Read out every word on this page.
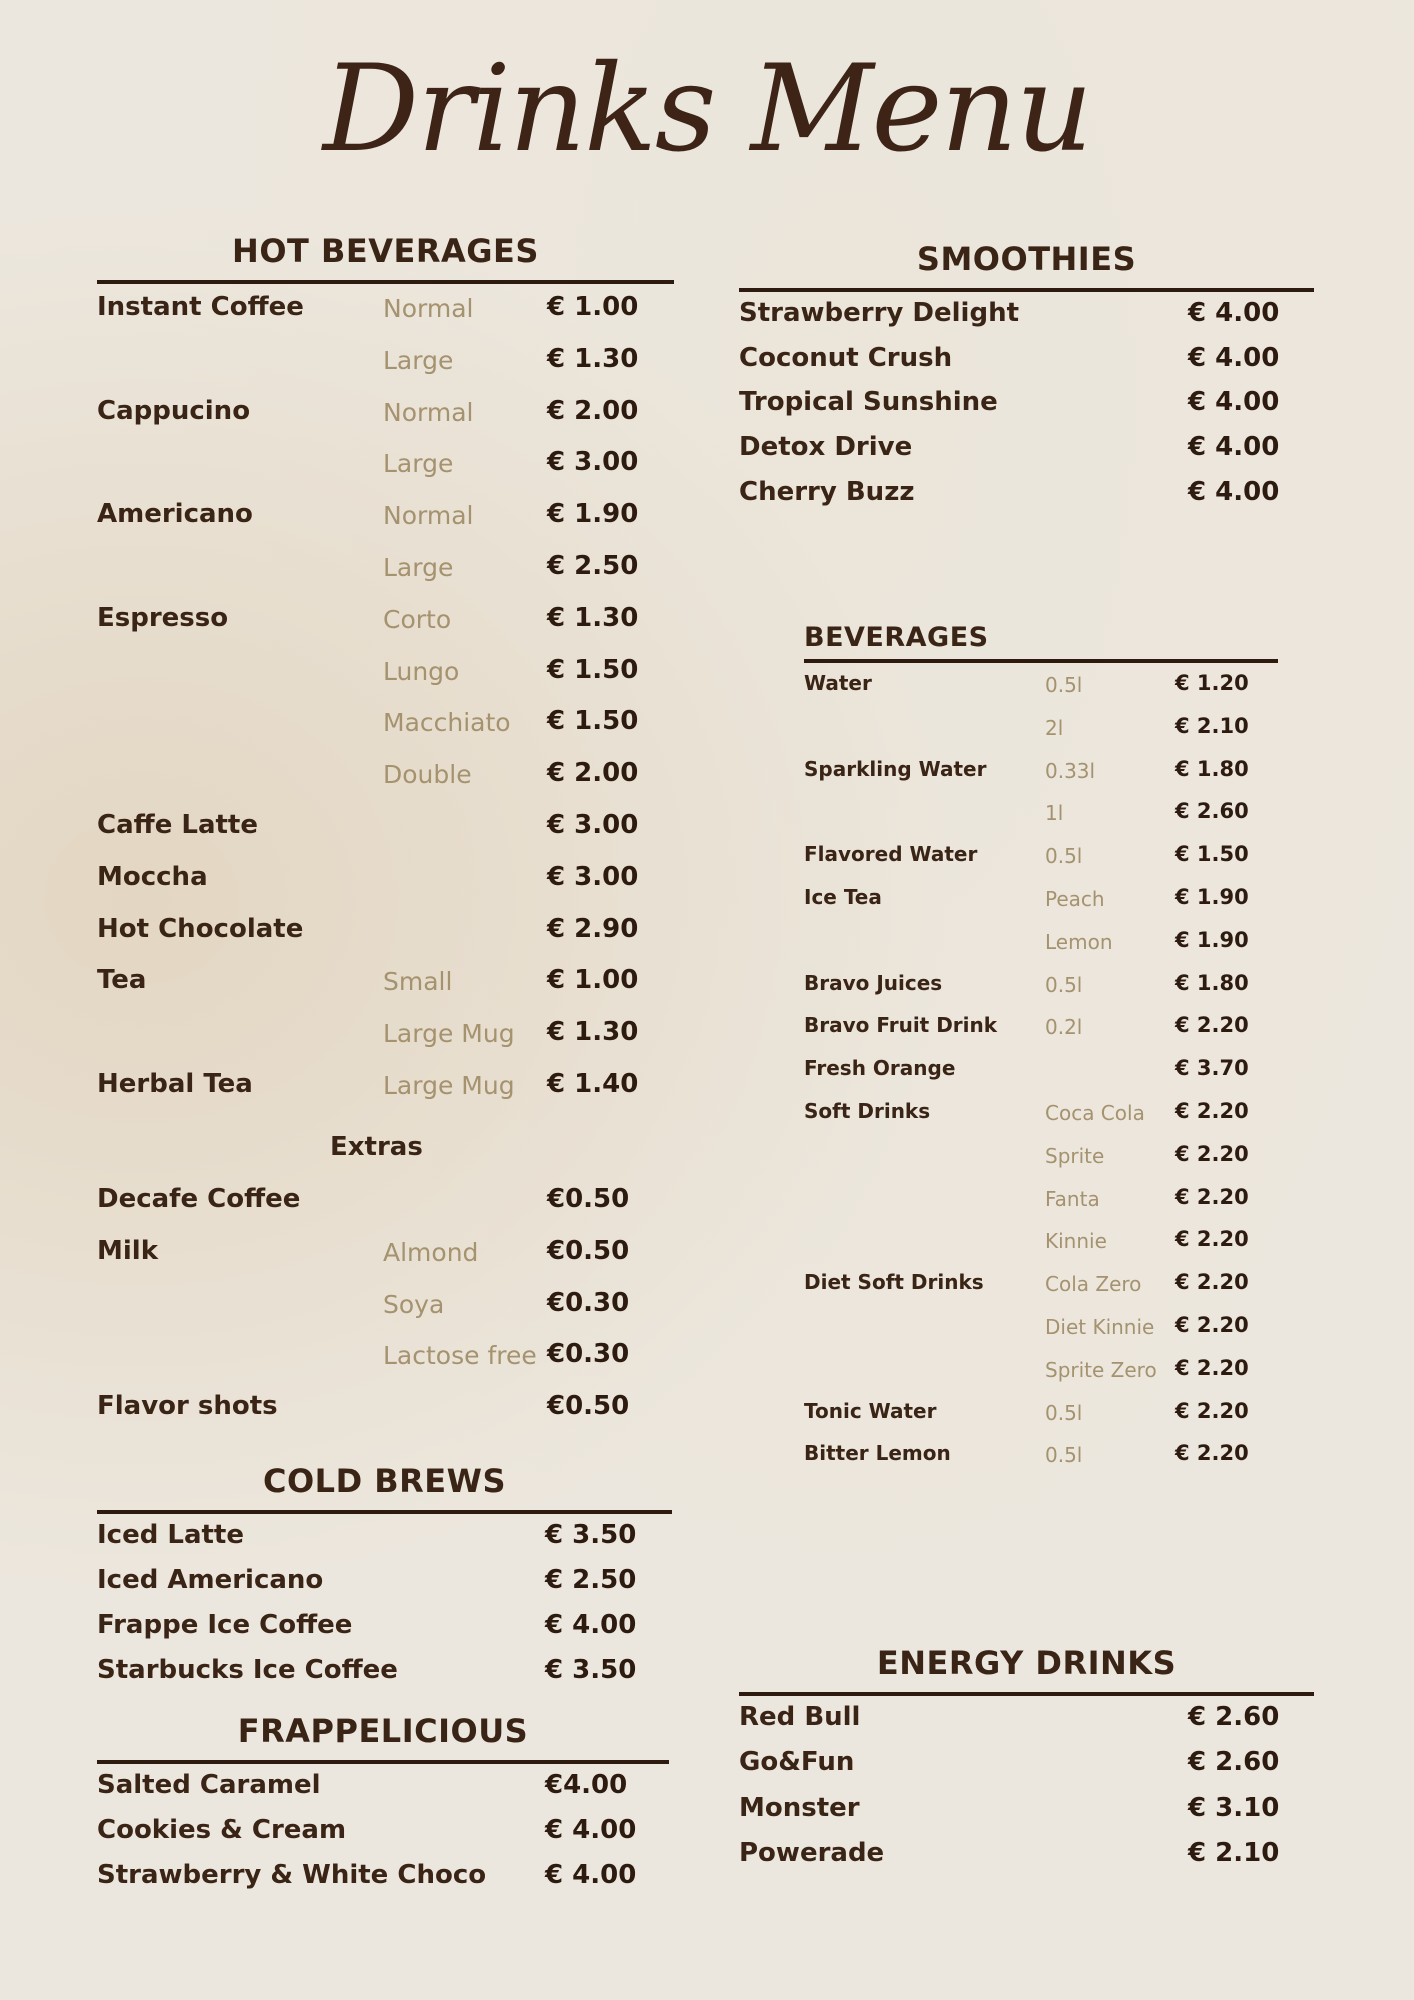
Drinks Menu
HOT BEVERAGES
Instant Coffee	Normal	€ 1.00
Large	€ 1.30
Cappucino	Normal	€ 2.00
Large	€ 3.00
Americano	Normal	€ 1.90
Large	€ 2.50
Espresso	Corto	€ 1.30
Lungo	€ 1.50
Macchiato € 1.50
Double	€ 2.00
Caffe Latte	€ 3.00
Moccha	€ 3.00
Hot Chocolate	€ 2.90
Tea	Small	€ 1.00
Large Mug € 1.30
Herbal Tea	Large Mug € 1.40
Extras
Decafe Coffee	€0.50
Milk	Almond	€0.50
Soya	€0.30
Lactose free €0.30
Flavor shots	€0.50
COLD BREWS
Iced Latte	€ 3.50
Iced Americano	€ 2.50
Frappe Ice Coffee	€ 4.00
Starbucks Ice Coffee	€ 3.50
FRAPPELICIOUS
Salted Caramel	€4.00
Cookies & Cream	€ 4.00
Strawberry & White Choco € 4.00
SMOOTHIES
Strawberry Delight	€ 4.00
Coconut Crush	€ 4.00
Tropical Sunshine	€ 4.00
Detox Drive	€ 4.00
Cherry Buzz	€ 4.00
BEVERAGES
Water	0.5l	€ 1.20
2l	€ 2.10
Sparkling Water	0.33l	€ 1.80
1l	€ 2.60
Flavored Water	0.5l	€ 1.50
Ice Tea	Peach	€ 1.90
Lemon	€ 1.90
Bravo Juices	0.5l	€ 1.80
Bravo Fruit Drink 0.2l	€ 2.20
Fresh Orange	€ 3.70
Soft Drinks	Coca Cola € 2.20
Sprite	€ 2.20
Fanta	€ 2.20
Kinnie	€ 2.20
Diet Soft Drinks	Cola Zero € 2.20
Diet Kinnie € 2.20
Sprite Zero € 2.20
Tonic Water	0.5l	€ 2.20
Bitter Lemon	0.5l	€ 2.20
ENERGY DRINKS
Red Bull	€ 2.60
Go&Fun	€ 2.60
Monster	€ 3.10
Powerade	€ 2.10
